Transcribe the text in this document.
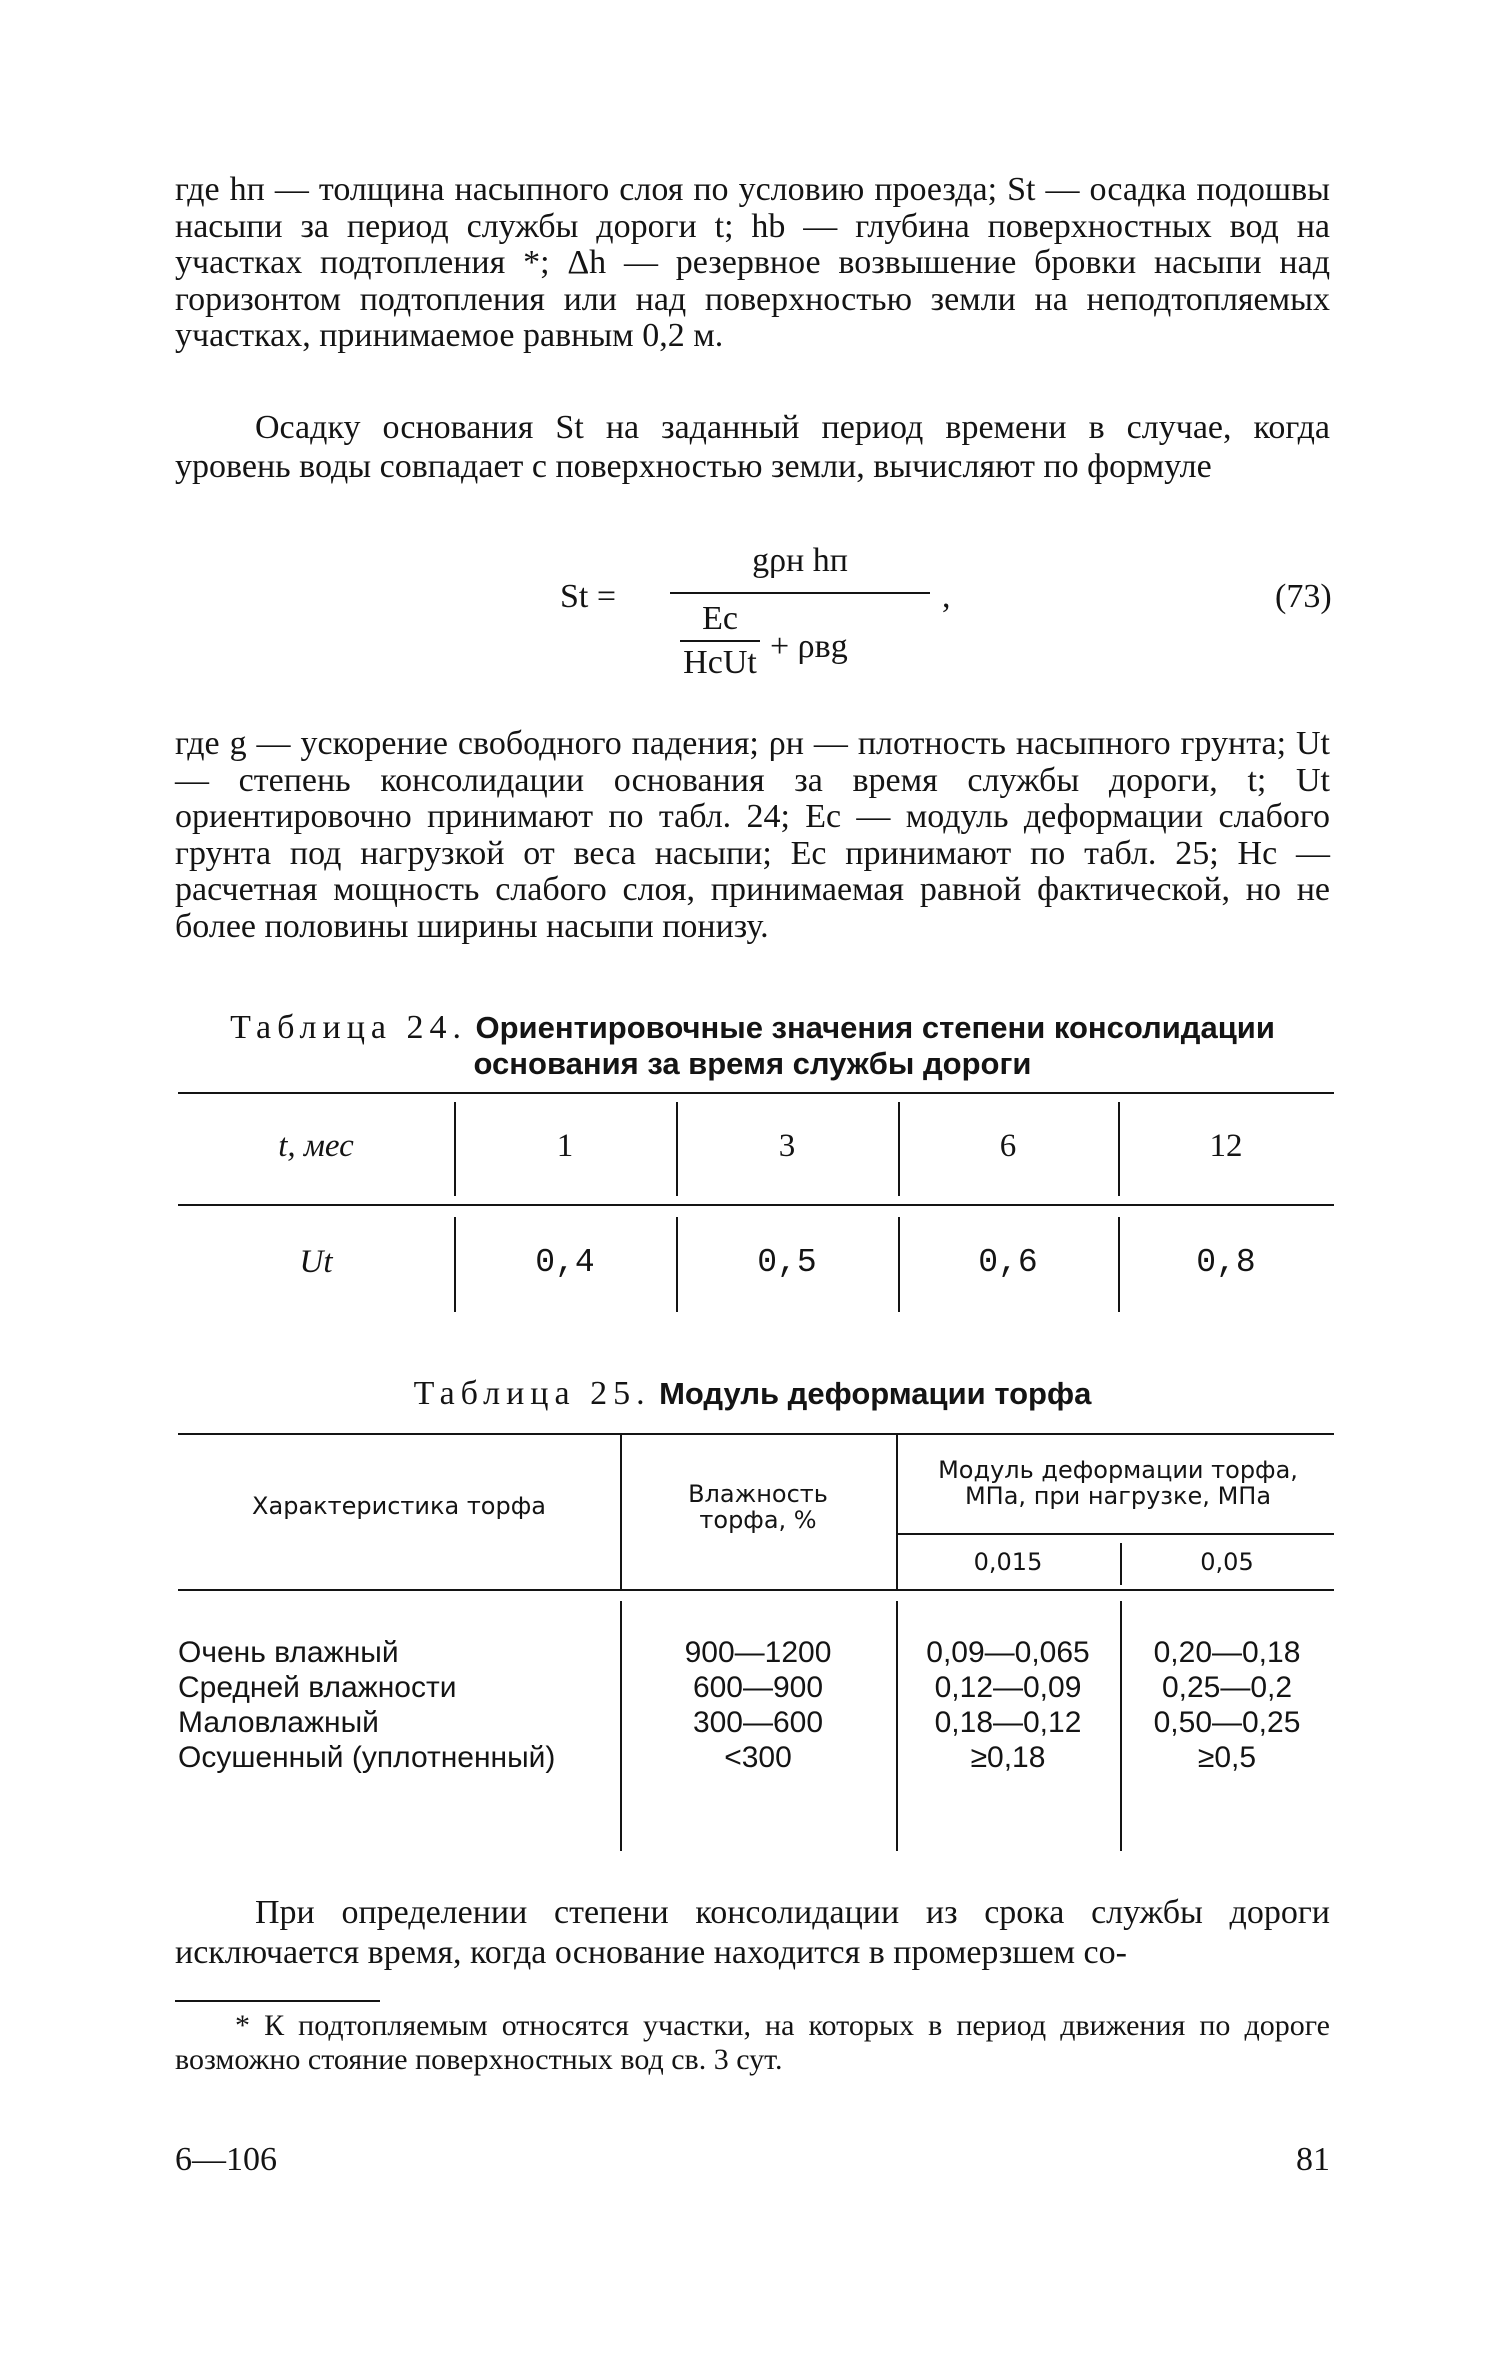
где hп — толщина насыпного слоя по условию проезда; St — осадка подошвы насыпи за период службы дороги t; hb — глубина поверхностных вод на участках подтопления *; Δh — резервное возвышение бровки насыпи над горизонтом подтопления или над поверхностью земли на неподтопляемых участках, принимаемое равным 0,2 м.
Осадку основания St на заданный период времени в случае, когда уровень воды совпадает с поверхностью земли, вычисляют по формуле
St =
gρн hп
Ec
HcUt + ρвg
,	(73)
где g — ускорение свободного падения; ρн — плотность насыпного грунта; Ut — степень консолидации основания за время службы дороги, t; Ut ориентировочно принимают по табл. 24; Ec — модуль деформации слабого грунта под нагрузкой от веса насыпи; Ec принимают по табл. 25; Hc — расчетная мощность слабого слоя, принимаемая равной фактической, но не более половины ширины насыпи понизу.
Таблица 24. Ориентировочные значения степени консолидации основания за время службы дороги
t, мес	1	3	6	12
Ut	0,4	0,5	0,6	0,8
Таблица 25. Модуль деформации торфа
Характеристика торфа	Влажность торфа, %
Модуль деформации торфа, МПа, при нагрузке, МПа
0,015	0,05
Очень влажный	900—1200	0,09—0,065	0,20—0,18
Средней влажности	600—900	0,12—0,09	0,25—0,2
Маловлажный	300—600	0,18—0,12	0,50—0,25
Осушенный (уплотненный)	<300	≥0,18	≥0,5
При определении степени консолидации из срока службы дороги исключается время, когда основание находится в промерзшем со-
* К подтопляемым относятся участки, на которых в период движения по дороге возможно стояние поверхностных вод св. 3 сут.
6—106	81
